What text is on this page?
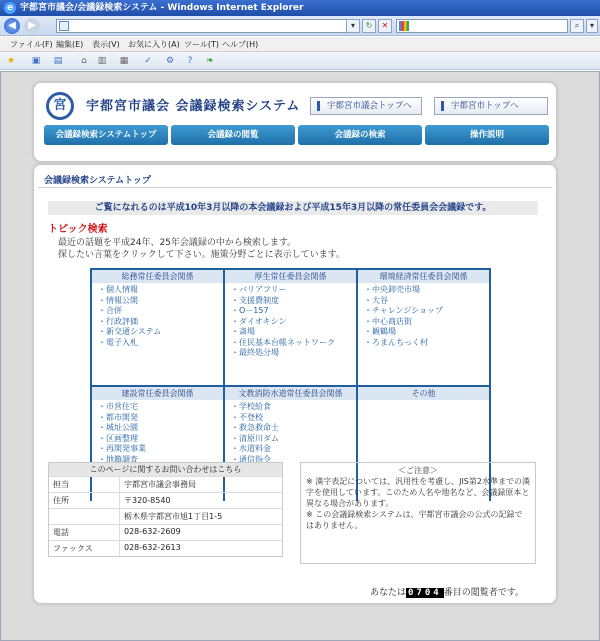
e 宇都宮市議会/会議録検索システム - Windows Internet Explorer
◀	▶	▾	↻	✕	⌕	▾
ファイル(F) 編集(E) 表示(V) お気に入り(A) ツール(T) ヘルプ(H)
★ ▣ ▤	⌂	▥ ▦ ✓ ⚙	?	❧
宮	宇都宮市議会 会議録検索システム	宇都宮市議会トップへ	宇都宮市トップへ
会議録検索システムトップ	会議録の閲覧	会議録の検索	操作説明
会議録検索システムトップ
ご覧になれるのは平成10年3月以降の本会議録および平成15年3月以降の常任委員会会議録です。
トピック検索
最近の話題を平成24年、25年会議録の中から検索します。
探したい言葉をクリックして下さい。施策分野ごとに表示しています。
総務常任委員会関係
・ 個人情報
・ 情報公開
・ 合併
・ 行政評価
・ 新交通システム
・ 電子入札
厚生常任委員会関係
・ バリアフリー
・ 支援費制度
・ O－157
・ ダイオキシン
・ 斎場
・ 住民基本台帳ネットワーク
・ 最終処分場
環境経済常任委員会関係
・ 中央卸売市場
・ 大谷
・ チャレンジショップ
・ 中心商店街
・ 観鶴場
・ ろまんちっく村
建設常任委員会関係
・ 市営住宅
・ 都市開発
・ 城址公園
・ 区画整理
・ 再開発事業
・ 地籍調査
文教消防水道常任委員会関係
・ 学校給食
・ 不登校
・ 救急救命士
・ 清原川ダム
・ 水道料金
・ 通信指令
その他
このページに関するお問い合わせはこちら
担当	宇都宮市議会事務局
住所	〒320-8540
栃木県宇都宮市旭1丁目1-5
電話	028-632-2609
ファックス	028-632-2613
＜ご注意＞
※ 漢字表記については、汎用性を考慮し、JIS第2水準までの漢字を使用しています。このため人名や地名など、会議録原本と異なる場合があります。
※ この会議録検索システムは、宇都宮市議会の公式の記録ではありません。
あなたは 0704 番目の閲覧者です。
